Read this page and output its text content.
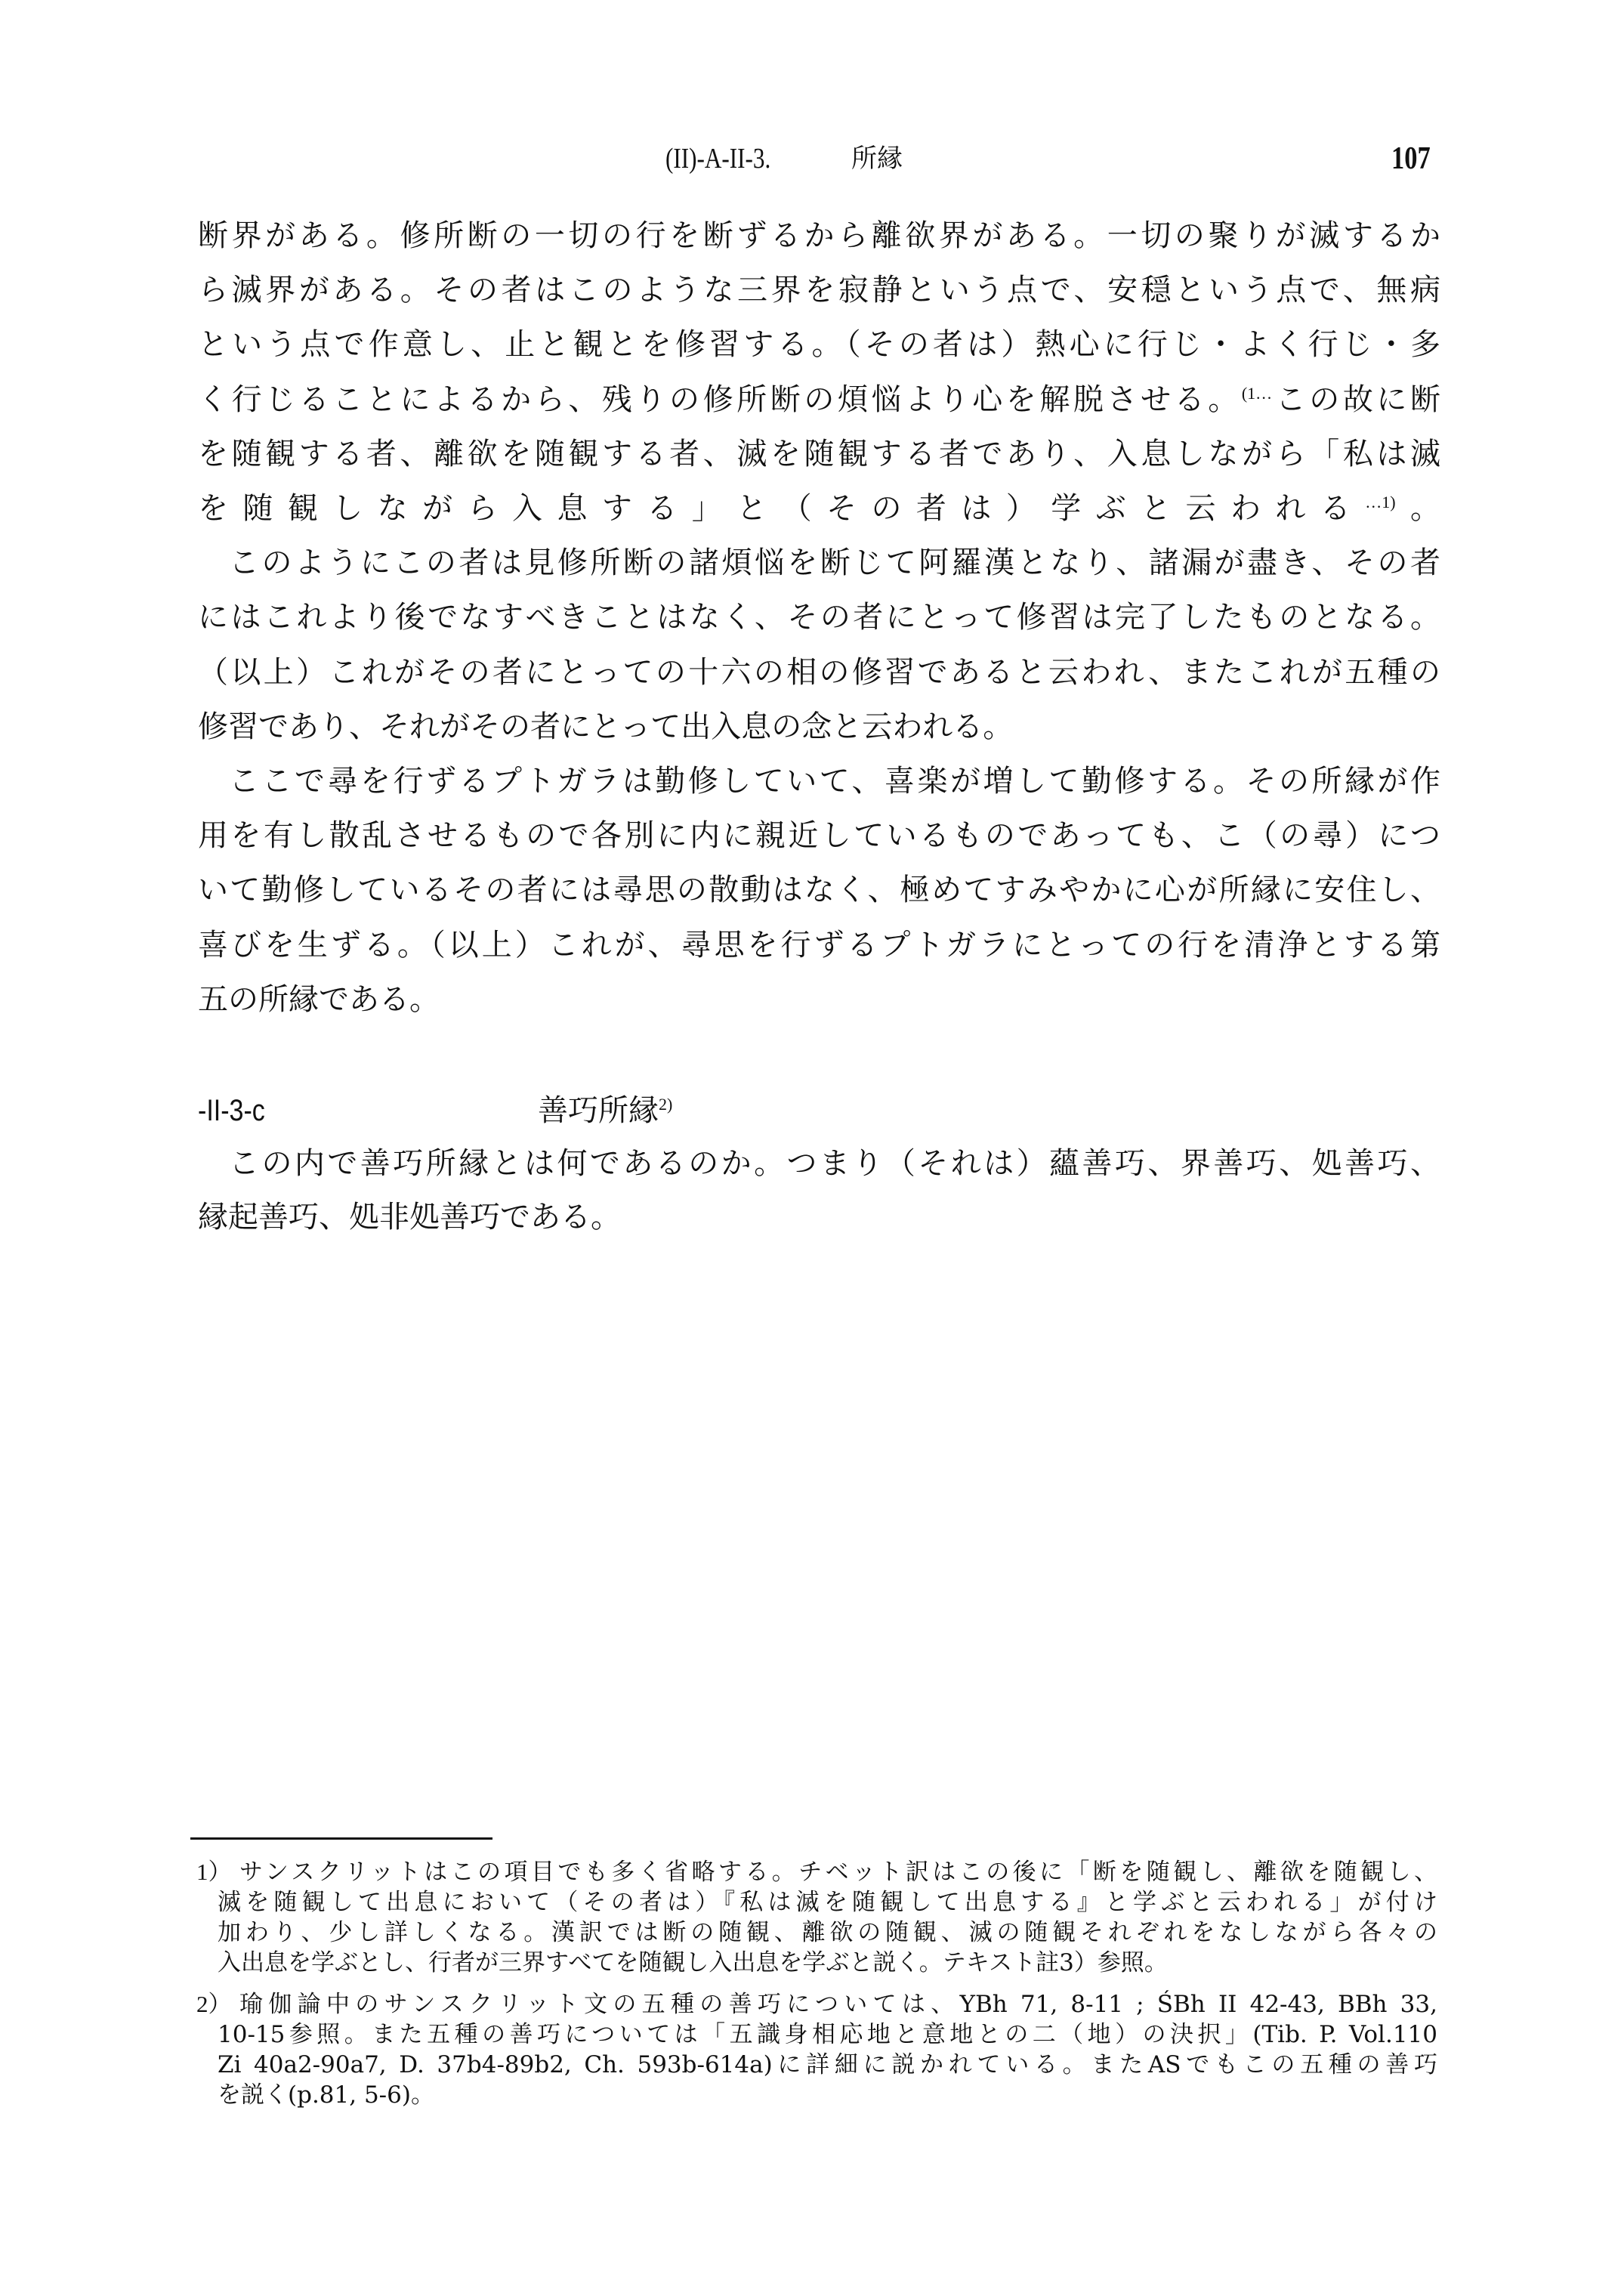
(II)-A-II-3.	所縁	107
断界がある。修所断の一切の行を断ずるから離欲界がある。一切の聚りが滅するか
ら滅界がある。その者はこのような三界を寂静という点で、安穏という点で、無病
という点で作意し、止と観とを修習する。（その者は）熱心に行じ・よく行じ・多
く行じることによるから、残りの修所断の煩悩より心を解脱させる。$^{(1\dots}$この故に断
を随観する者、離欲を随観する者、滅を随観する者であり、入息しながら「私は滅
を随観しながら入息する」と（その者は）学ぶと云われる$^{\dots 1)}$。
このようにこの者は見修所断の諸煩悩を断じて阿羅漢となり、諸漏が盡き、その者
にはこれより後でなすべきことはなく、その者にとって修習は完了したものとなる。
（以上）これがその者にとっての十六の相の修習であると云われ、またこれが五種の
修習であり、それがその者にとって出入息の念と云われる。
ここで尋を行ずるプトガラは勤修していて、喜楽が増して勤修する。その所縁が作
用を有し散乱させるもので各別に内に親近しているものであっても、こ（の尋）につ
いて勤修しているその者には尋思の散動はなく、極めてすみやかに心が所縁に安住し、
喜びを生ずる。（以上）これが、尋思を行ずるプトガラにとっての行を清浄とする第
五の所縁である。
-II-3-c	善巧所縁$^{2)}$
この内で善巧所縁とは何であるのか。つまり（それは）蘊善巧、界善巧、処善巧、
縁起善巧、処非処善巧である。
1） サンスクリットはこの項目でも多く省略する。チベット訳はこの後に「断を随観し、離欲を随観し、
滅を随観して出息において（その者は）『私は滅を随観して出息する』と学ぶと云われる」が付け
加わり、少し詳しくなる。漢訳では断の随観、離欲の随観、滅の随観それぞれをなしながら各々の
入出息を学ぶとし、行者が三界すべてを随観し入出息を学ぶと説く。テキスト註3）参照。
2） 瑜伽論中のサンスクリット文の五種の善巧については、YBh 71, 8-11 ; ŚBh II 42-43, BBh 33,
10-15参照。また五種の善巧については「五識身相応地と意地との二（地）の決択」(Tib. P. Vol.110
Zi 40a2-90a7, D. 37b4-89b2, Ch. 593b-614a)に詳細に説かれている。またASでもこの五種の善巧
を説く(p.81, 5-6)。
